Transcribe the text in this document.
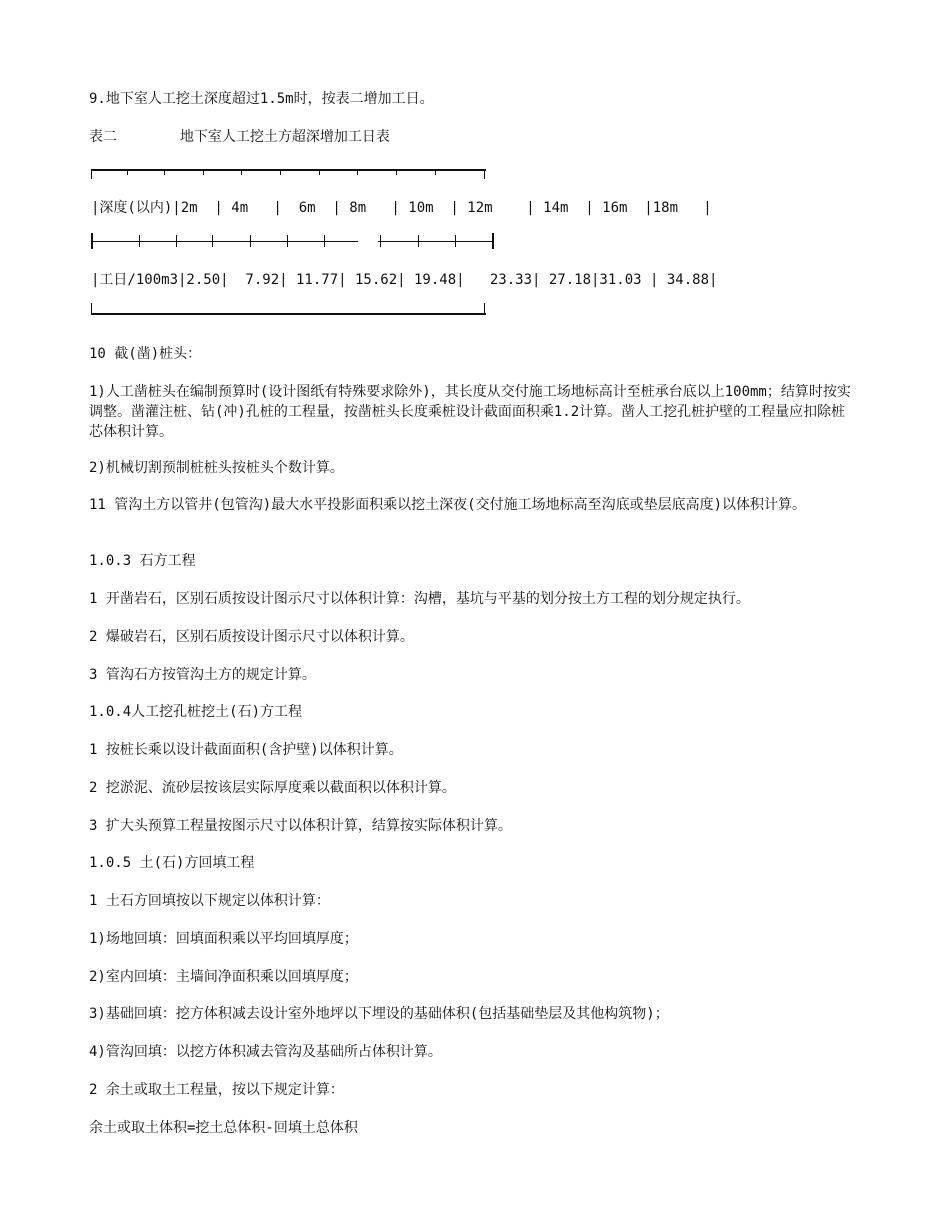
9.地下室人工挖土深度超过1.5m时，按表二增加工日。
表二	地下室人工挖土方超深增加工日表
|深度(以内)|2m  | 4m   |  6m  | 8m   | 10m  | 12m    | 14m  | 16m  |18m   |
|工日/100m3|2.50|  7.92| 11.77| 15.62| 19.48|   23.33| 27.18|31.03 | 34.88|
10 截(凿)桩头：
1)人工凿桩头在编制预算时(设计图纸有特殊要求除外)，其长度从交付施工场地标高计至桩承台底以上100mm；结算时按实调整。凿灌注桩、钻(冲)孔桩的工程量，按凿桩头长度乘桩设计截面面积乘1.2计算。凿人工挖孔桩护壁的工程量应扣除桩芯体积计算。
2)机械切割预制桩桩头按桩头个数计算。
11 管沟土方以管井(包管沟)最大水平投影面积乘以挖土深夜(交付施工场地标高至沟底或垫层底高度)以体积计算。
1.0.3 石方工程
1 开凿岩石，区别石质按设计图示尺寸以体积计算：沟槽，基坑与平基的划分按土方工程的划分规定执行。
2 爆破岩石，区别石质按设计图示尺寸以体积计算。
3 管沟石方按管沟土方的规定计算。
1.0.4人工挖孔桩挖土(石)方工程
1 按桩长乘以设计截面面积(含护壁)以体积计算。
2 挖淤泥、流砂层按该层实际厚度乘以截面积以体积计算。
3 扩大头预算工程量按图示尺寸以体积计算，结算按实际体积计算。
1.0.5 土(石)方回填工程
1 土石方回填按以下规定以体积计算：
1)场地回填：回填面积乘以平均回填厚度；
2)室内回填：主墙间净面积乘以回填厚度；
3)基础回填：挖方体积减去设计室外地坪以下埋设的基础体积(包括基础垫层及其他构筑物)；
4)管沟回填：以挖方体积减去管沟及基础所占体积计算。
2 余土或取土工程量，按以下规定计算：
余土或取土体积=挖土总体积-回填土总体积
